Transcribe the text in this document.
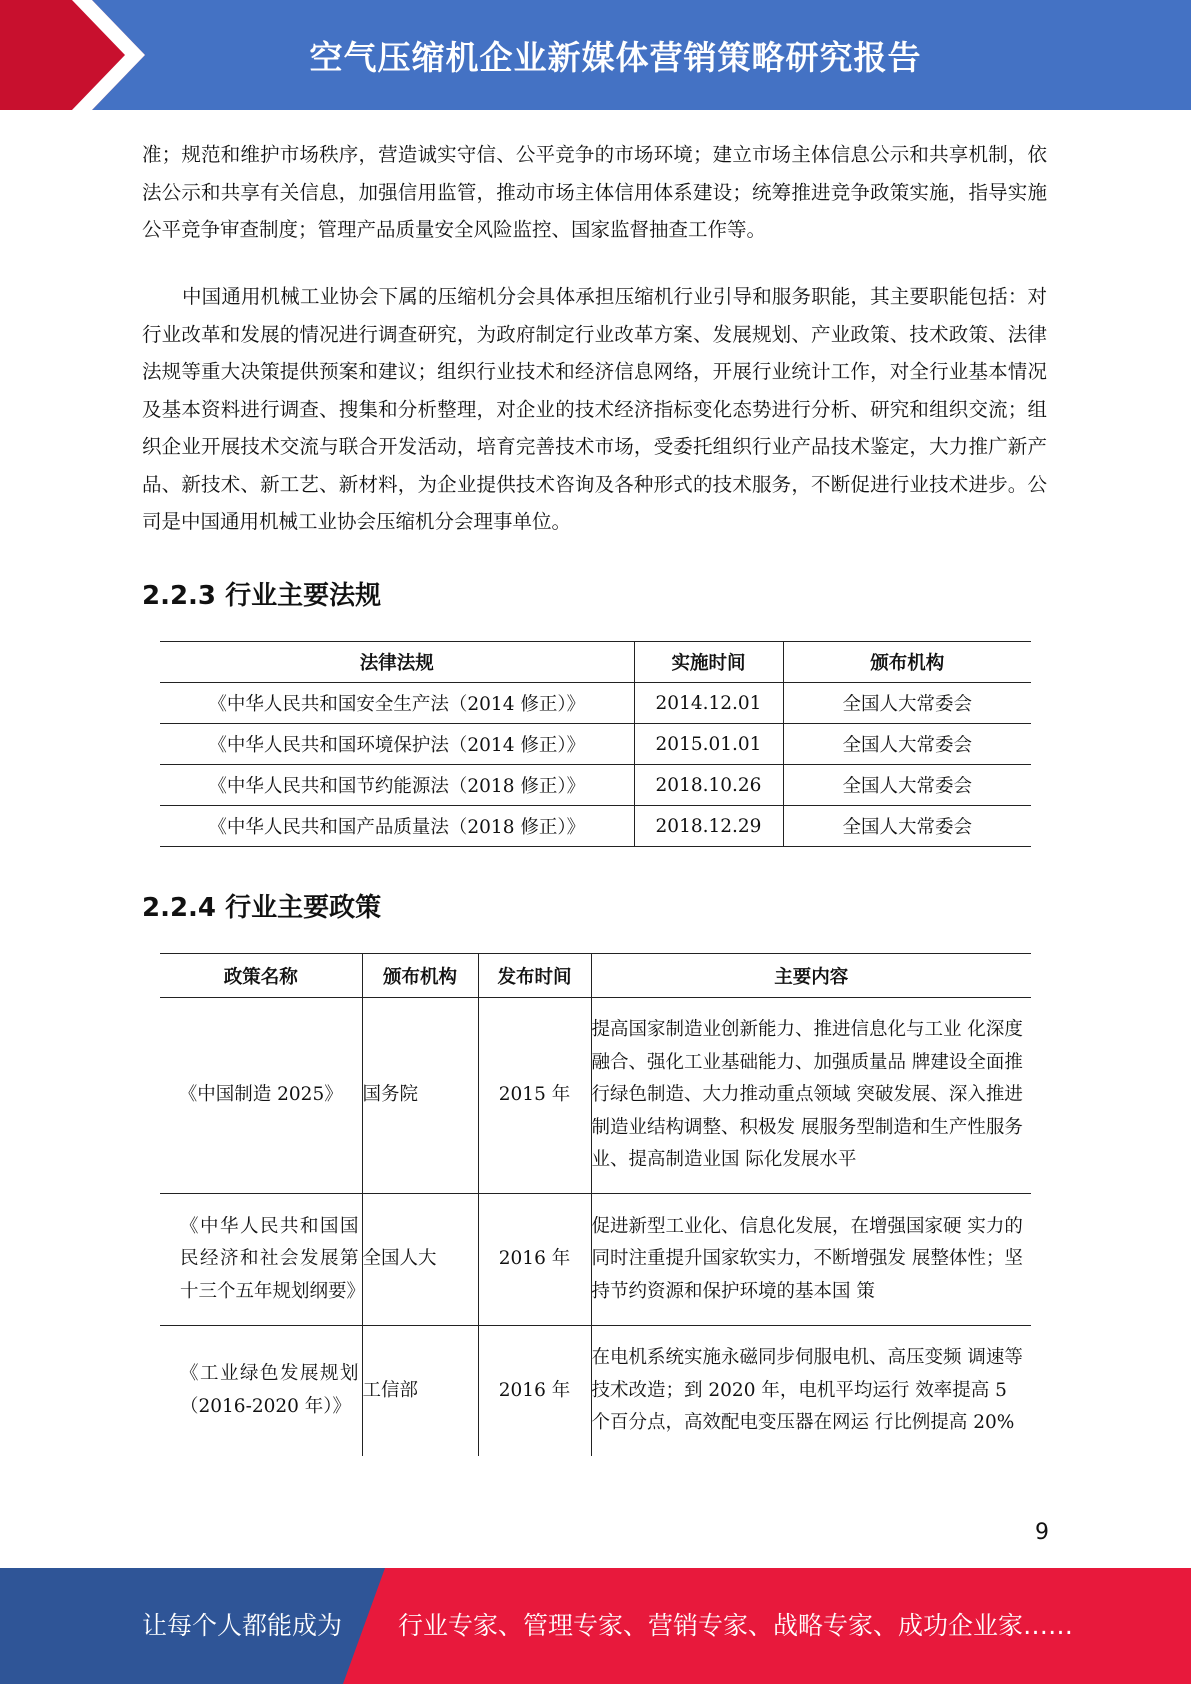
空气压缩机企业新媒体营销策略研究报告

准；规范和维护市场秩序，营造诚实守信、公平竞争的市场环境；建立市场主体信息公示和共享机制，依法公示和共享有关信息，加强信用监管，推动市场主体信用体系建设；统筹推进竞争政策实施，指导实施公平竞争审查制度；管理产品质量安全风险监控、国家监督抽查工作等。

中国通用机械工业协会下属的压缩机分会具体承担压缩机行业引导和服务职能，其主要职能包括：对行业改革和发展的情况进行调查研究，为政府制定行业改革方案、发展规划、产业政策、技术政策、法律法规等重大决策提供预案和建议；组织行业技术和经济信息网络，开展行业统计工作，对全行业基本情况及基本资料进行调查、搜集和分析整理，对企业的技术经济指标变化态势进行分析、研究和组织交流；组织企业开展技术交流与联合开发活动，培育完善技术市场，受委托组织行业产品技术鉴定，大力推广新产品、新技术、新工艺、新材料，为企业提供技术咨询及各种形式的技术服务，不断促进行业技术进步。公司是中国通用机械工业协会压缩机分会理事单位。

2.2.3 行业主要法规
法律法规	实施时间	颁布机构
《中华人民共和国安全生产法（2014 修正）》	2014.12.01	全国人大常委会
《中华人民共和国环境保护法（2014 修正）》	2015.01.01	全国人大常委会
《中华人民共和国节约能源法（2018 修正）》	2018.10.26	全国人大常委会
《中华人民共和国产品质量法（2018 修正）》	2018.12.29	全国人大常委会
2.2.4 行业主要政策
政策名称	颁布机构	发布时间	主要内容
《中国制造 2025》	国务院	2015 年	提高国家制造业创新能力、推进信息化与工业 化深度融合、强化工业基础能力、加强质量品 牌建设全面推行绿色制造、大力推动重点领域 突破发展、深入推进制造业结构调整、积极发 展服务型制造和生产性服务业、提高制造业国 际化发展水平
《中华人民共和国国民经济和社会发展第十三个五年规划纲要》	全国人大	2016 年	促进新型工业化、信息化发展，在增强国家硬 实力的同时注重提升国家软实力，不断增强发 展整体性；坚持节约资源和保护环境的基本国 策
《工业绿色发展规划（2016-2020 年）》	工信部	2016 年	在电机系统实施永磁同步伺服电机、高压变频 调速等技术改造；到 2020 年，电机平均运行 效率提高 5 个百分点，高效配电变压器在网运 行比例提高 20%
9
让每个人都能成为 行业专家、管理专家、营销专家、战略专家、成功企业家……
